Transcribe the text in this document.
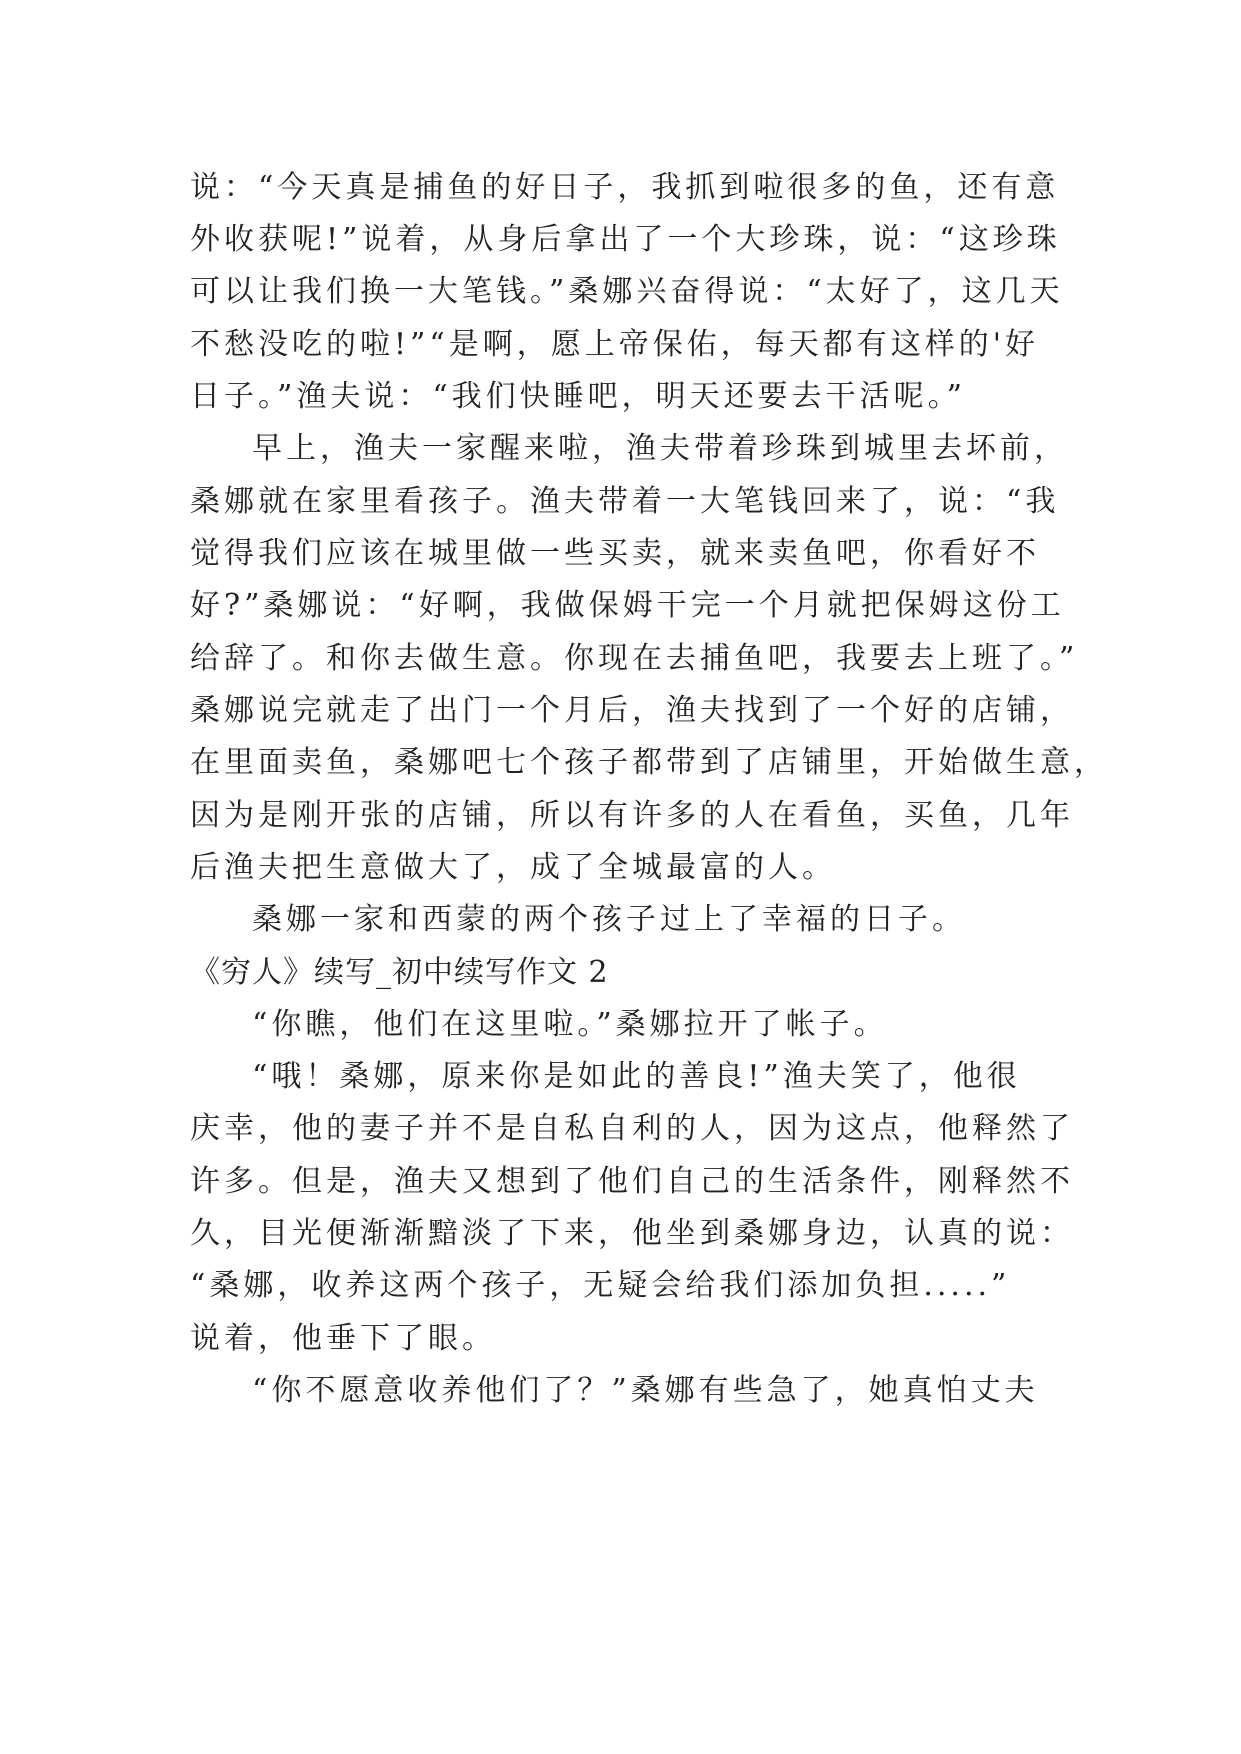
说：“今天真是捕鱼的好日子，我抓到啦很多的鱼，还有意
外收获呢!”说着，从身后拿出了一个大珍珠，说：“这珍珠
可以让我们换一大笔钱。”桑娜兴奋得说：“太好了，这几天
不愁没吃的啦!”“是啊，愿上帝保佑，每天都有这样的'好
日子。”渔夫说：“我们快睡吧，明天还要去干活呢。”
早上，渔夫一家醒来啦，渔夫带着珍珠到城里去坏前，
桑娜就在家里看孩子。渔夫带着一大笔钱回来了，说：“我
觉得我们应该在城里做一些买卖，就来卖鱼吧，你看好不
好?”桑娜说：“好啊，我做保姆干完一个月就把保姆这份工
给辞了。和你去做生意。你现在去捕鱼吧，我要去上班了。”
桑娜说完就走了出门一个月后，渔夫找到了一个好的店铺，
在里面卖鱼，桑娜吧七个孩子都带到了店铺里，开始做生意，
因为是刚开张的店铺，所以有许多的人在看鱼，买鱼，几年
后渔夫把生意做大了，成了全城最富的人。
桑娜一家和西蒙的两个孩子过上了幸福的日子。
《穷人》续写_初中续写作文 2
“你瞧，他们在这里啦。”桑娜拉开了帐子。
“哦！桑娜，原来你是如此的善良!”渔夫笑了，他很
庆幸，他的妻子并不是自私自利的人，因为这点，他释然了
许多。但是，渔夫又想到了他们自己的生活条件，刚释然不
久，目光便渐渐黯淡了下来，他坐到桑娜身边，认真的说：
“桑娜，收养这两个孩子，无疑会给我们添加负担.....”
说着，他垂下了眼。
“你不愿意收养他们了？”桑娜有些急了，她真怕丈夫
